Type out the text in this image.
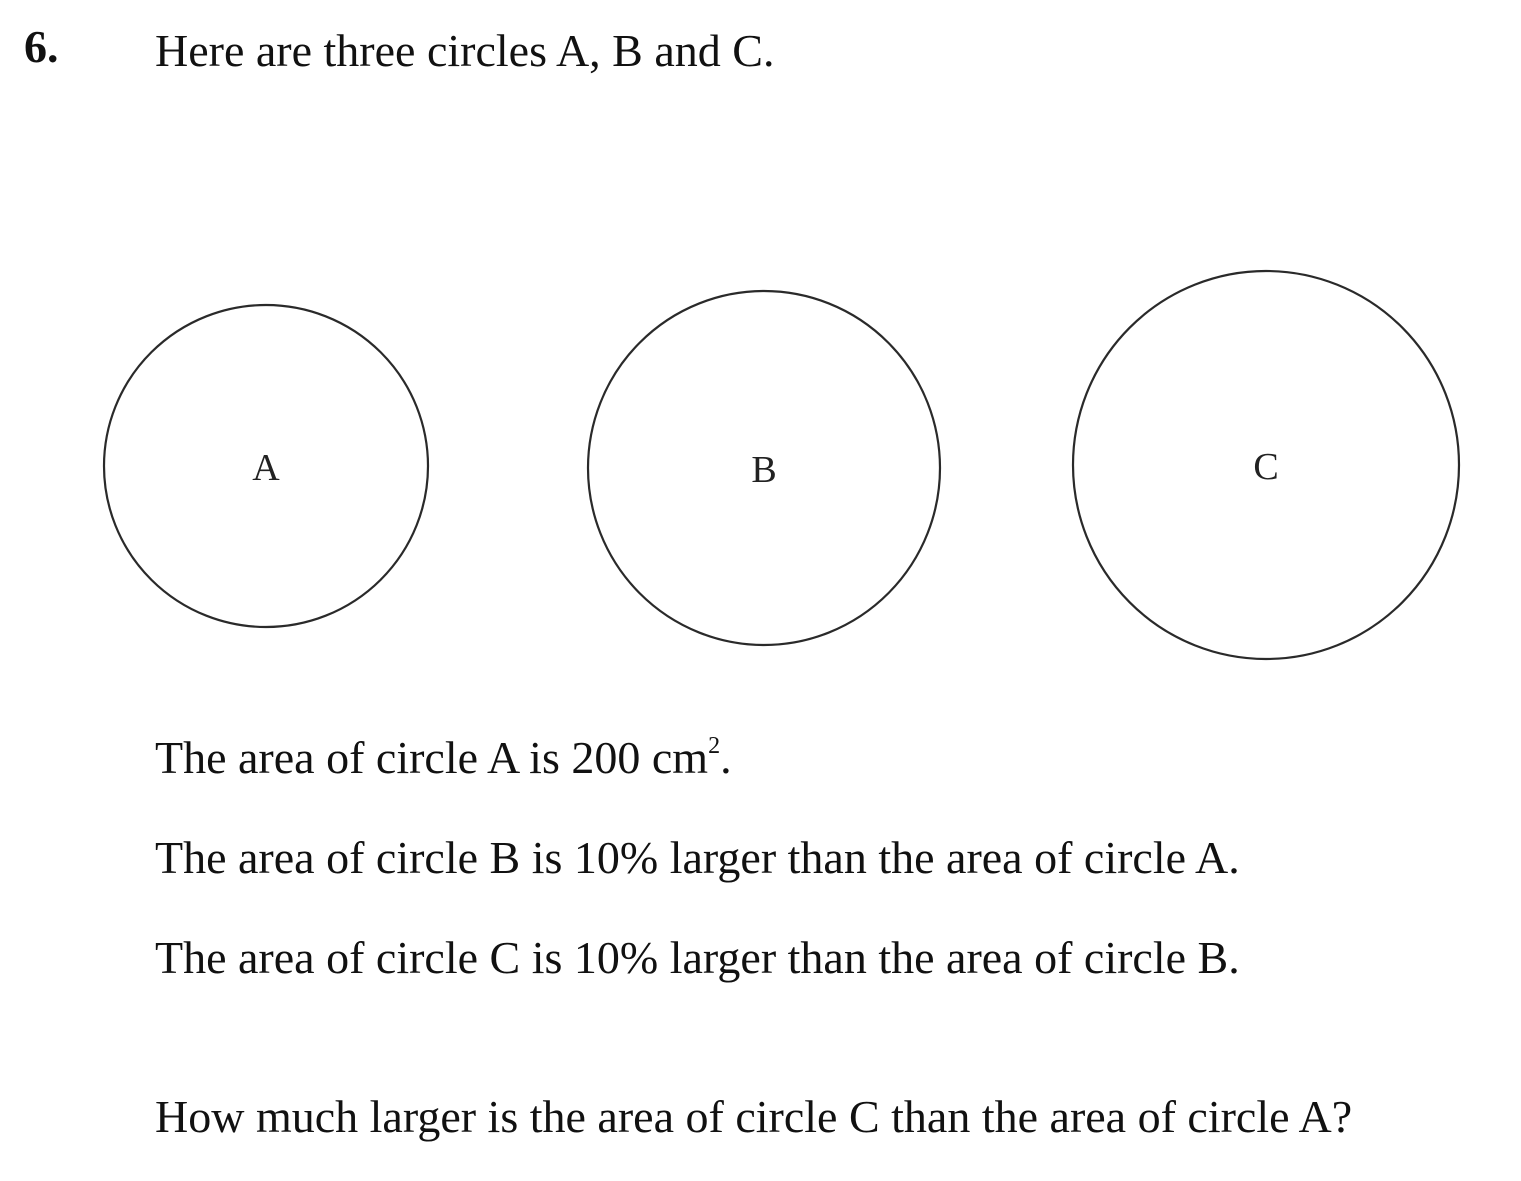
6. Here are three circles A, B and C.
A	B	C
The area of circle A is 200 $cm^2$.
The area of circle B is 10% larger than the area of circle A.
The area of circle C is 10% larger than the area of circle B.
How much larger is the area of circle C than the area of circle A?
